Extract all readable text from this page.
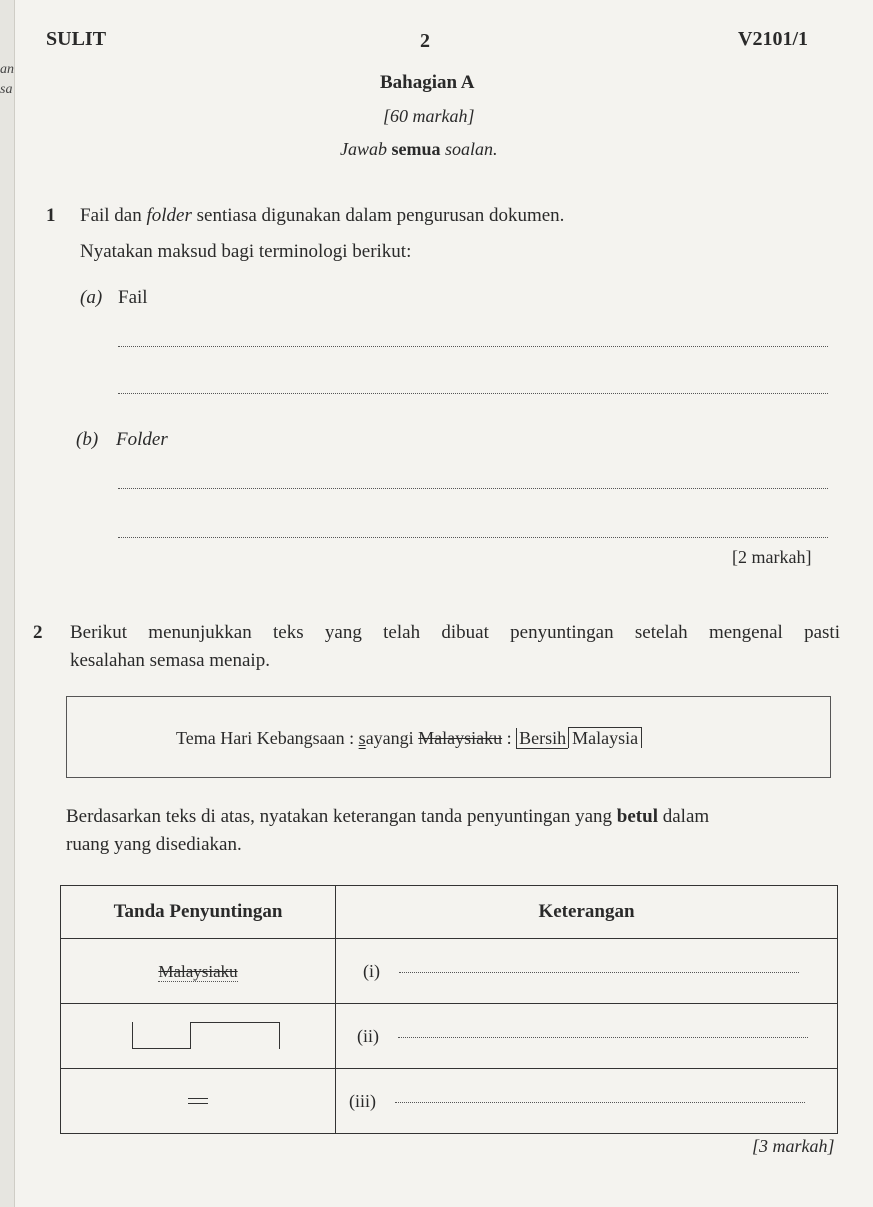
an
sa
SULIT	2	V2101/1
Bahagian A
[60 markah]
Jawab semua soalan.
1 Fail dan folder sentiasa digunakan dalam pengurusan dokumen.
Nyatakan maksud bagi terminologi berikut:
(a) Fail
(b) Folder
[2 markah]
2 Berikut menunjukkan teks yang telah dibuat penyuntingan setelah mengenal pasti
kesalahan semasa menaip.
Tema Hari Kebangsaan : sayangi Malaysiaku : Bersih Malaysia
Berdasarkan teks di atas, nyatakan keterangan tanda penyuntingan yang betul dalam
ruang yang disediakan.
Tanda Penyuntingan	Keterangan
Malaysiaku	(i)

	(ii)

	(iii)
[3 markah]
